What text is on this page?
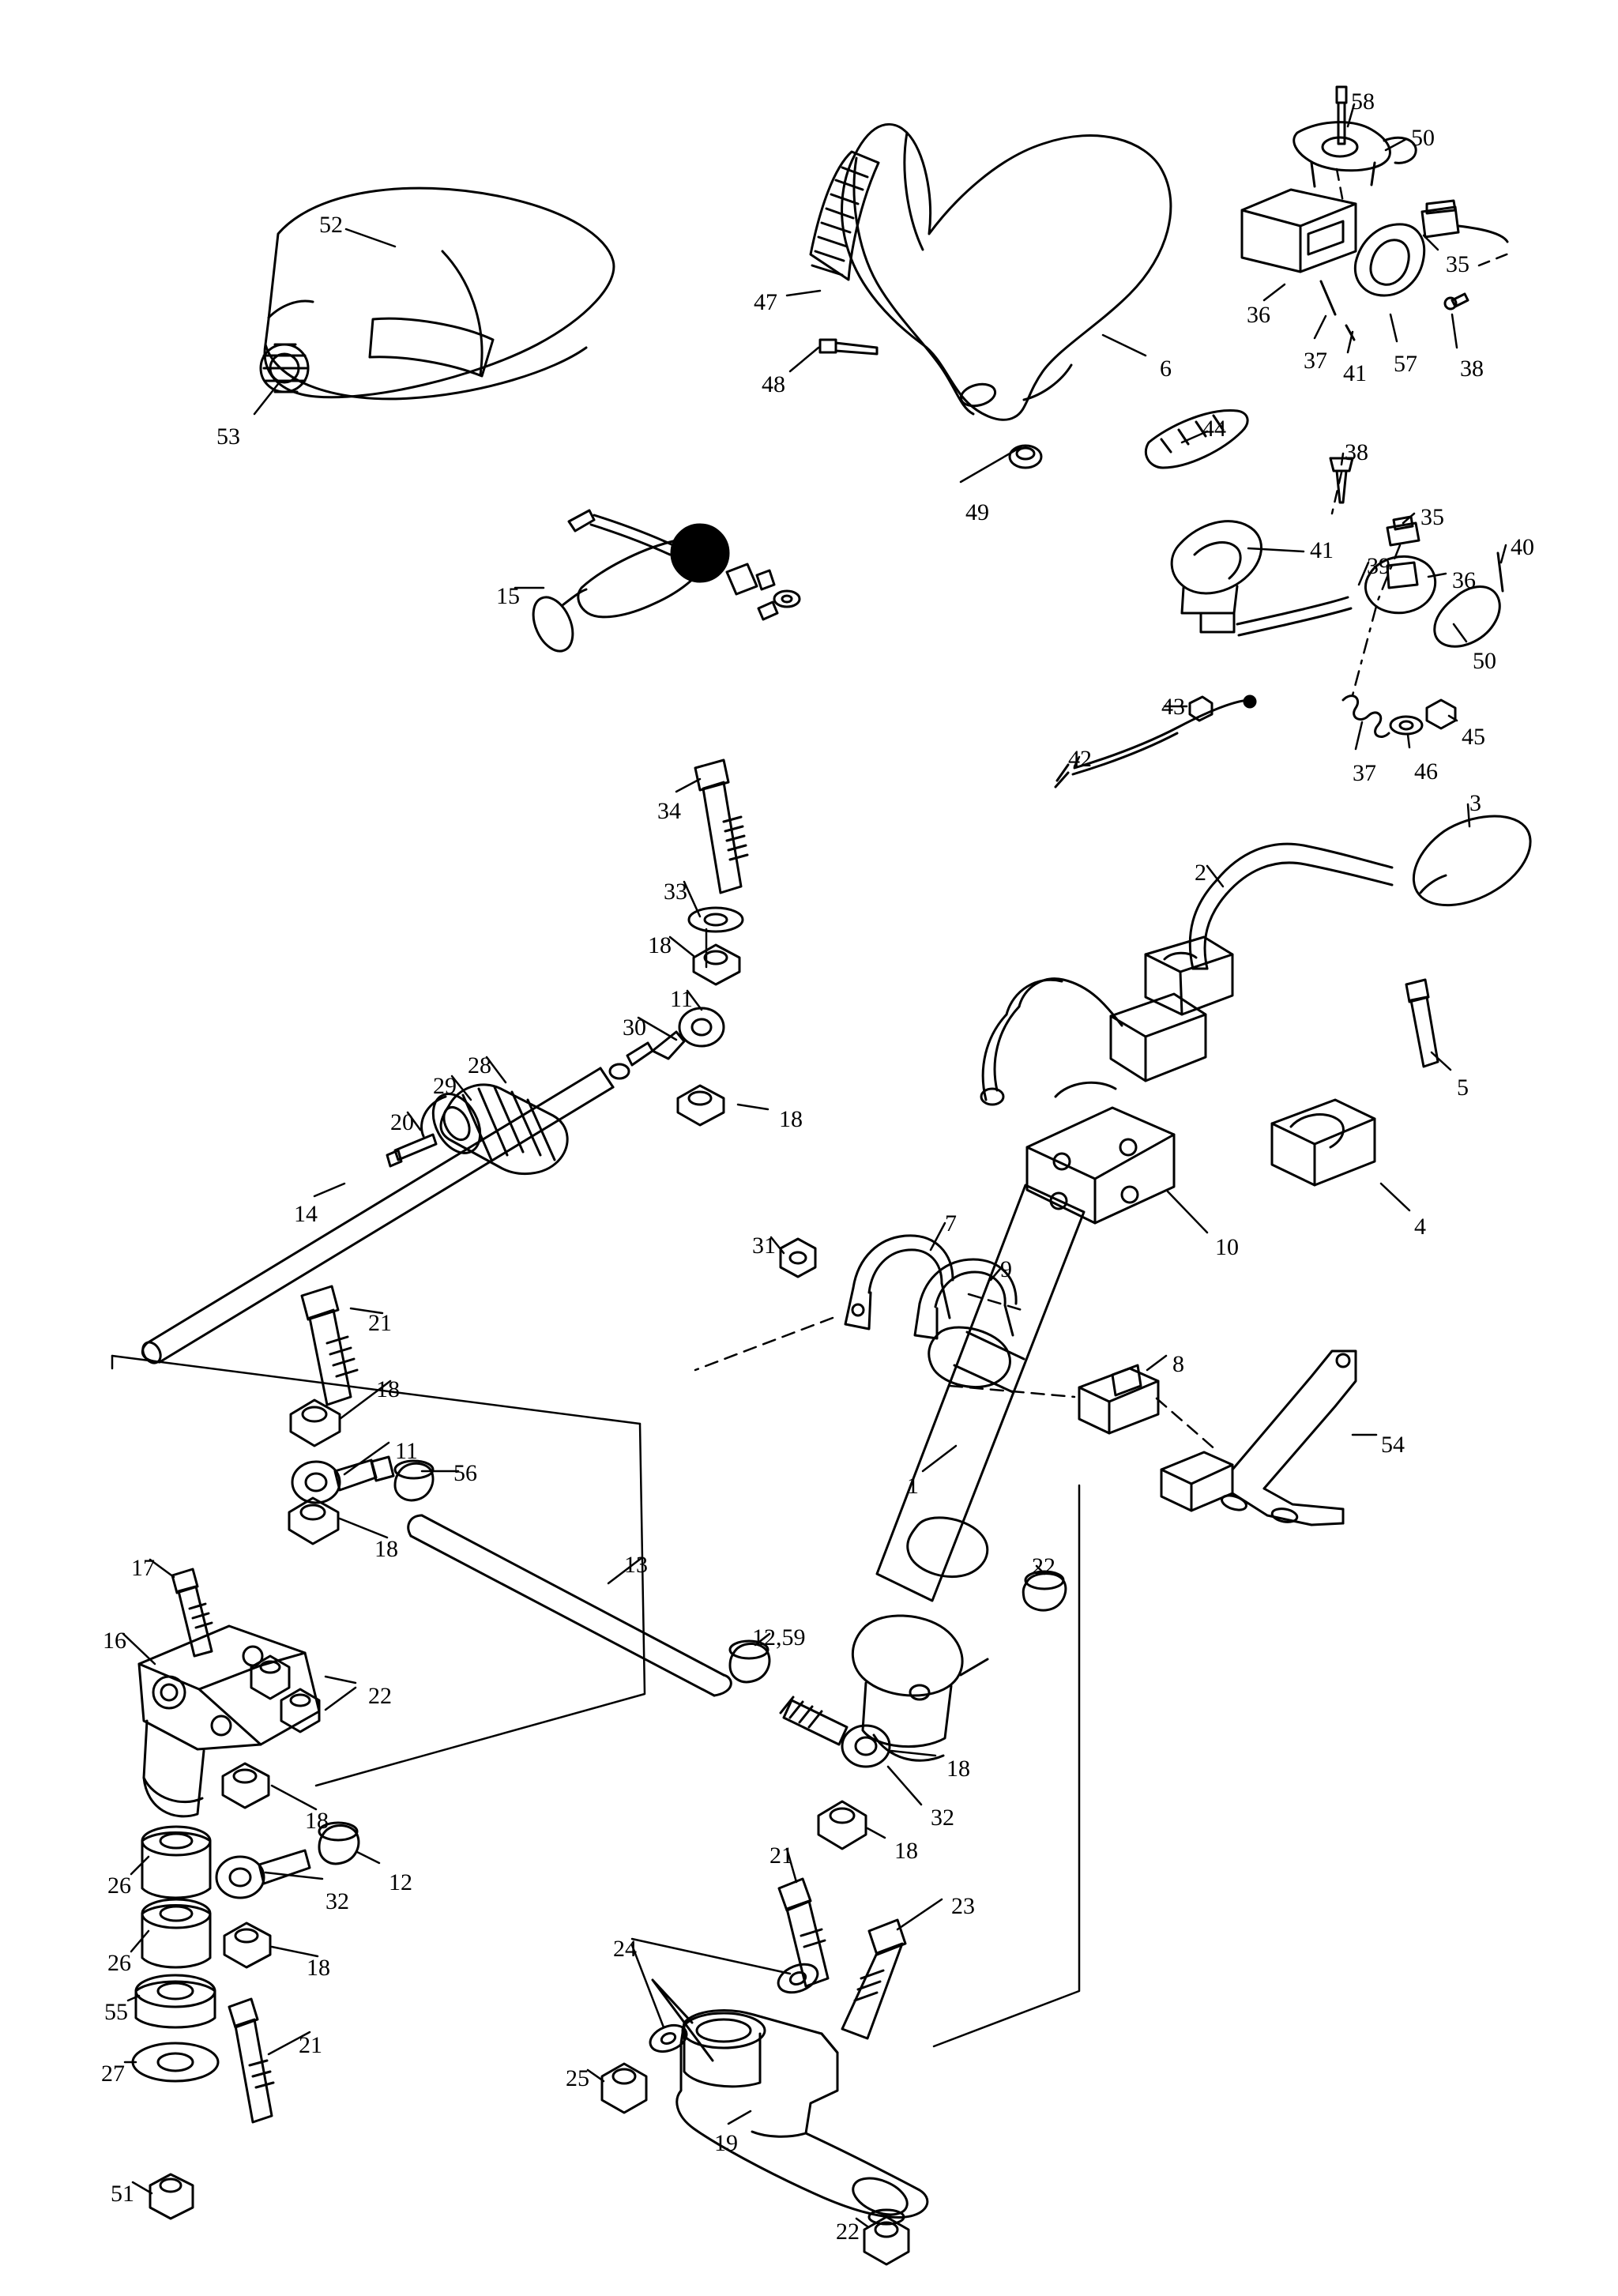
52
53
47
48
49
6
58
50
35
36
37 41 57 38
44
38
41
39
35
36
40
50
43
42
37 46
45
15
34
33
18
11
30
28
29
20
14
18
31
7
9
8
54
1
2
3
5
4
10
21
18
11
56
18
13
17
16
22
18
12
32
26
26
55
27
18
21
51
12,59
22
18
32
21	18
23
24
25
19
22
